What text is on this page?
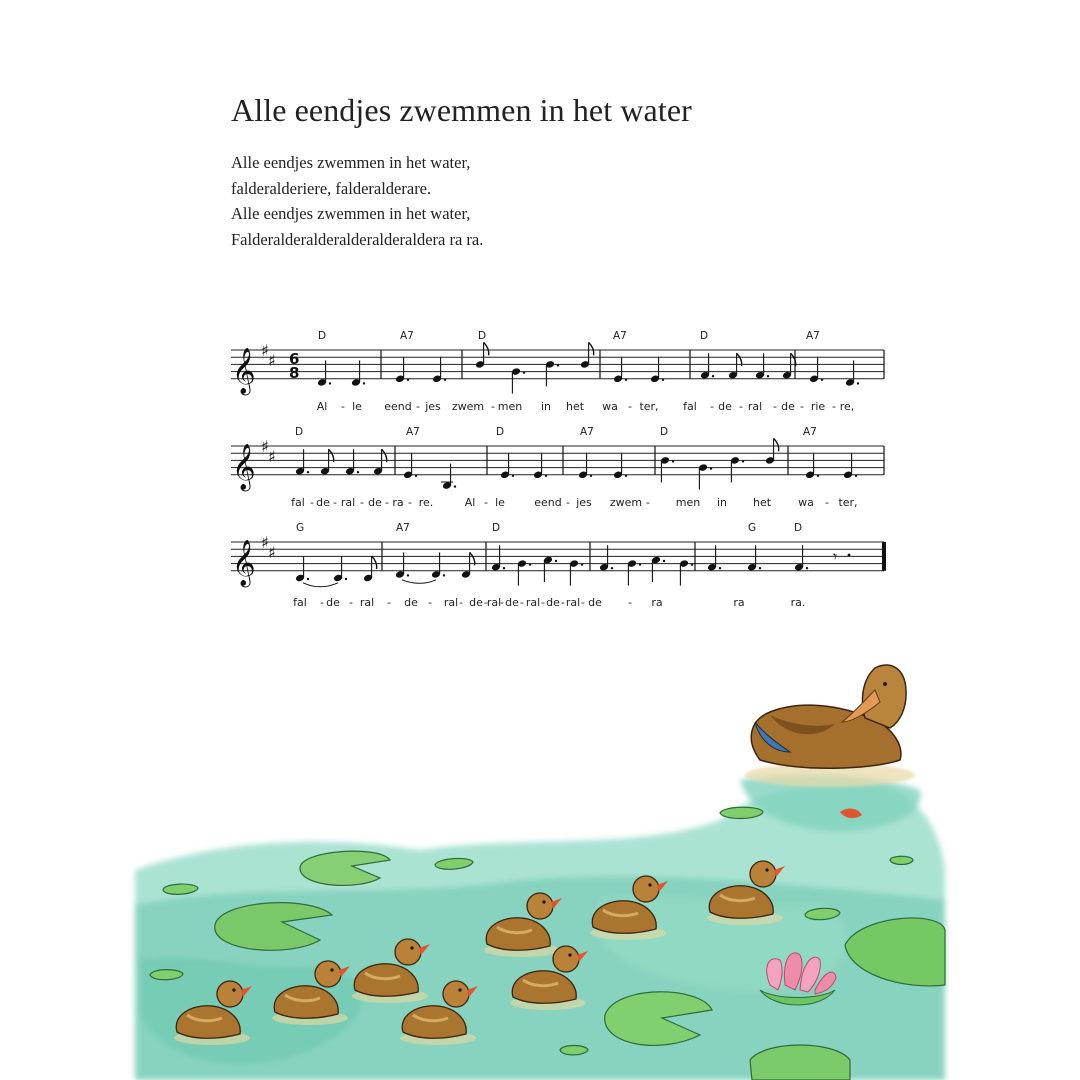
Alle eendjes zwemmen in het water
Alle eendjes zwemmen in het water,
falderalderiere, falderalderare.
Alle eendjes zwemmen in het water,
Falderalderalderalderalderaldera ra ra.
𝄞 ♯
♯ 6
8
D	A7	D	A7	D	A7
Al - le eend - jes zwem - men in het wa - ter, fal - de - ral - de - rie - re,
𝄞 ♯
♯
D	A7	D	A7	D	A7
fal - de - ral - de - ra - re.	Al - le	eend - jes zwem - men in het wa - ter,
𝄞 ♯
♯
G	A7	D	G	D
𝄾
fal - de - ral - de - ral - de -
ral
- de - ral - de - ral - de - ra	ra	ra.
